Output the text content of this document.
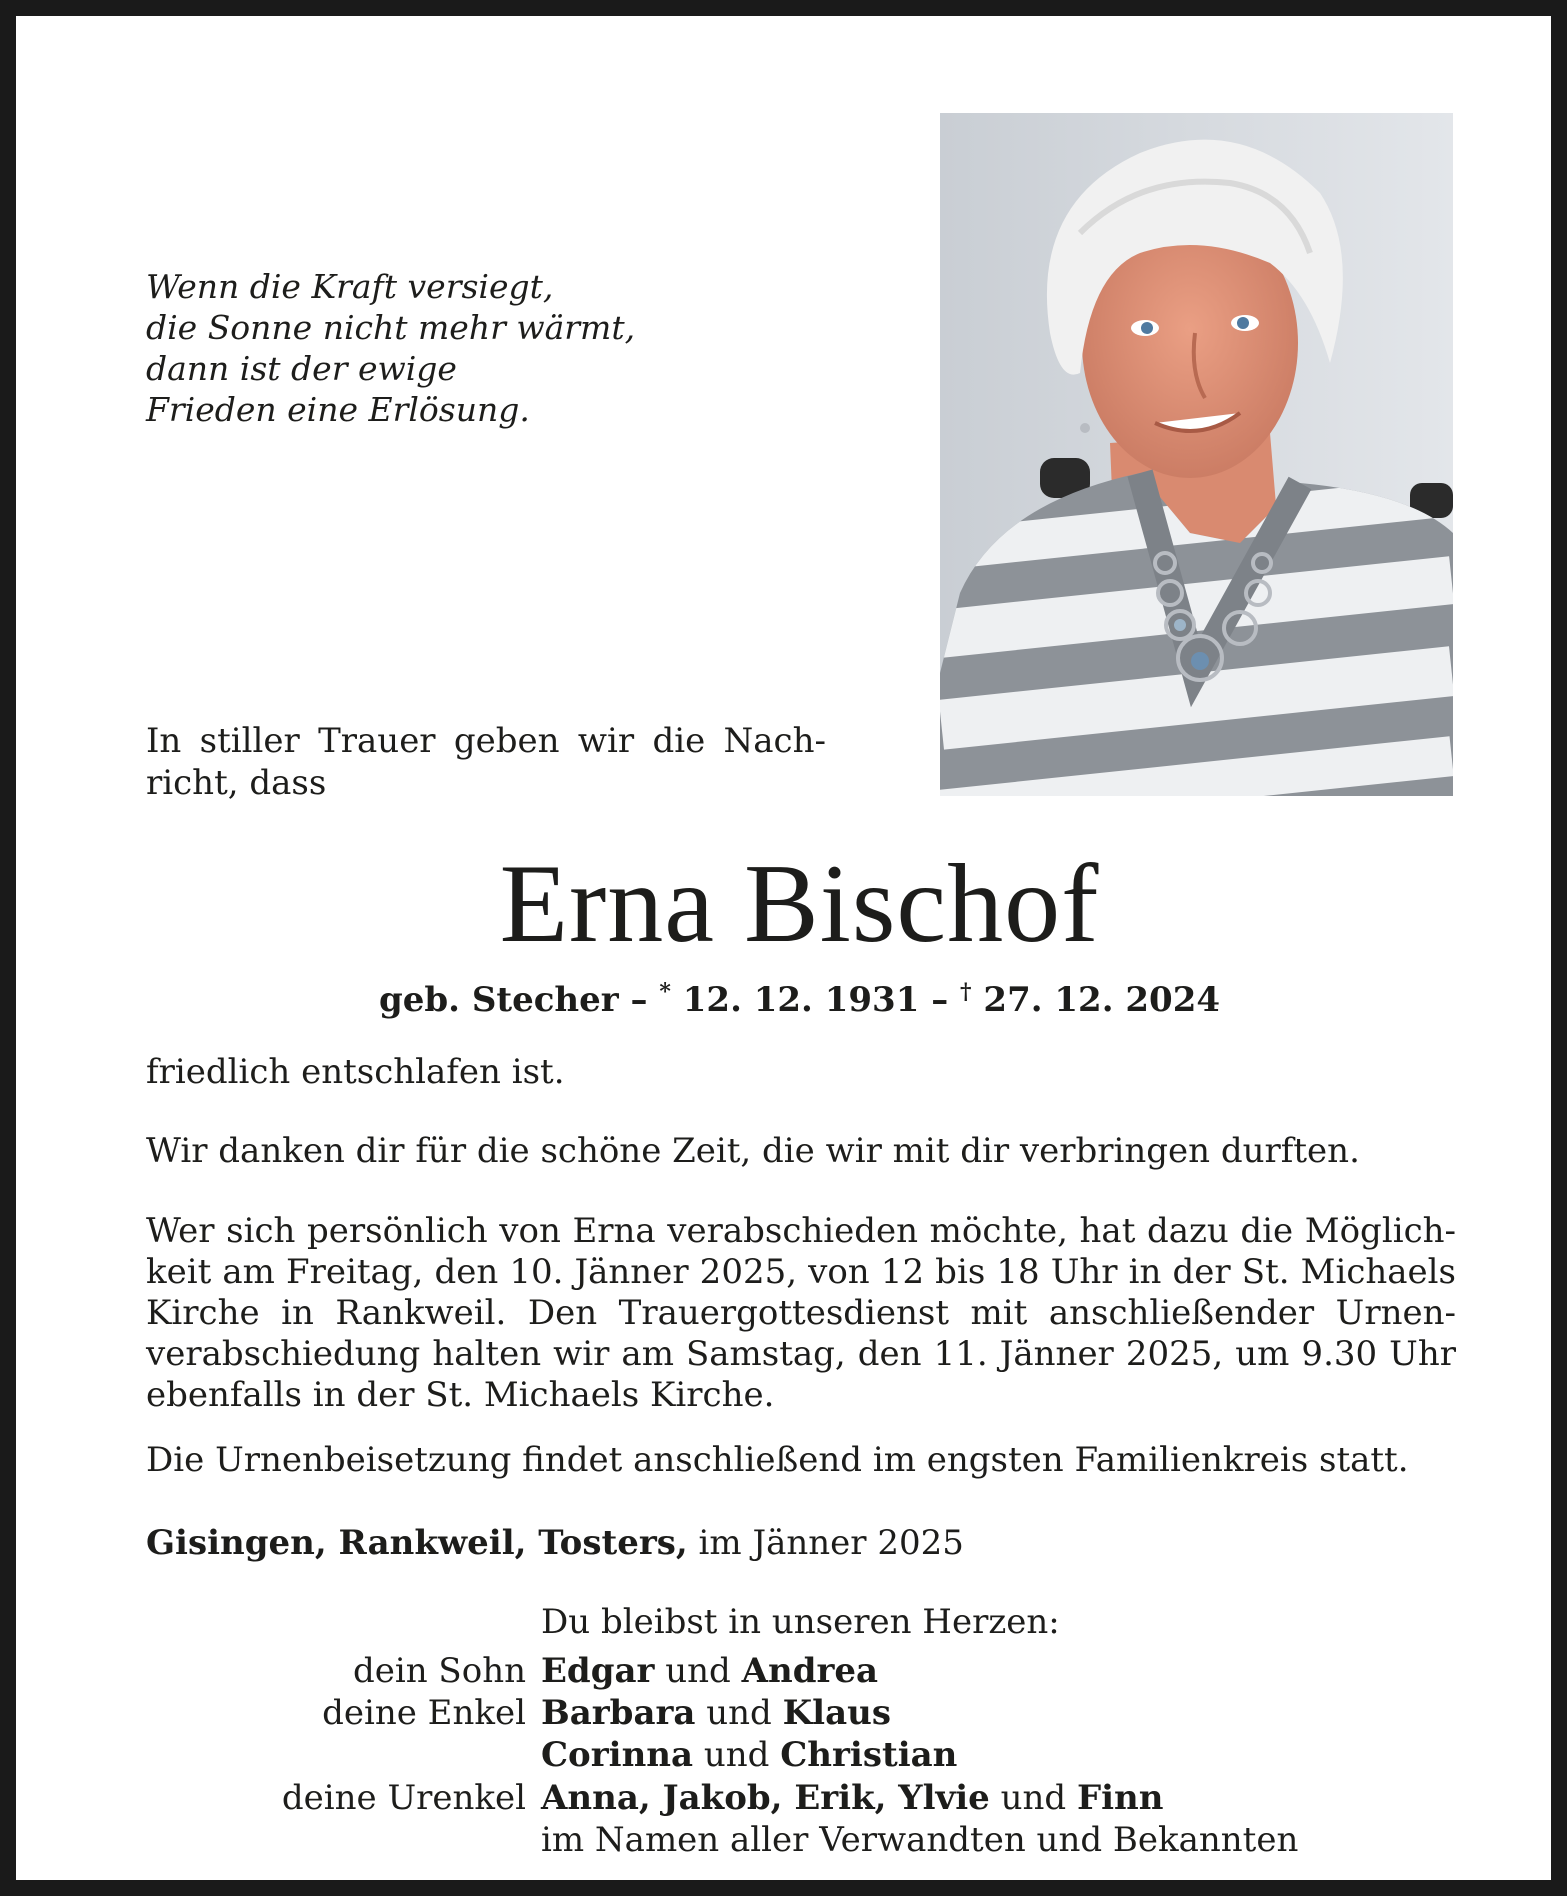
Wenn die Kraft versiegt,
die Sonne nicht mehr wärmt,
dann ist der ewige
Frieden eine Erlösung.
In stiller Trauer geben wir die Nach-
richt, dass
Erna Bischof
geb. Stecher – * 12. 12. 1931 – † 27. 12. 2024
friedlich entschlafen ist.
Wir danken dir für die schöne Zeit, die wir mit dir verbringen durften.
Wer sich persönlich von Erna verabschieden möchte, hat dazu die Möglich-
keit am Freitag, den 10. Jänner 2025, von 12 bis 18 Uhr in der St. Michaels
Kirche in Rankweil. Den Trauergottesdienst mit anschließender Urnen-
verabschiedung halten wir am Samstag, den 11. Jänner 2025, um 9.30 Uhr
ebenfalls in der St. Michaels Kirche.
Die Urnenbeisetzung findet anschließend im engsten Familienkreis statt.
Gisingen, Rankweil, Tosters, im Jänner 2025
Du bleibst in unseren Herzen:
dein Sohn Edgar und Andrea
deine Enkel Barbara und Klaus
Corinna und Christian
deine Urenkel Anna, Jakob, Erik, Ylvie und Finn
im Namen aller Verwandten und Bekannten
